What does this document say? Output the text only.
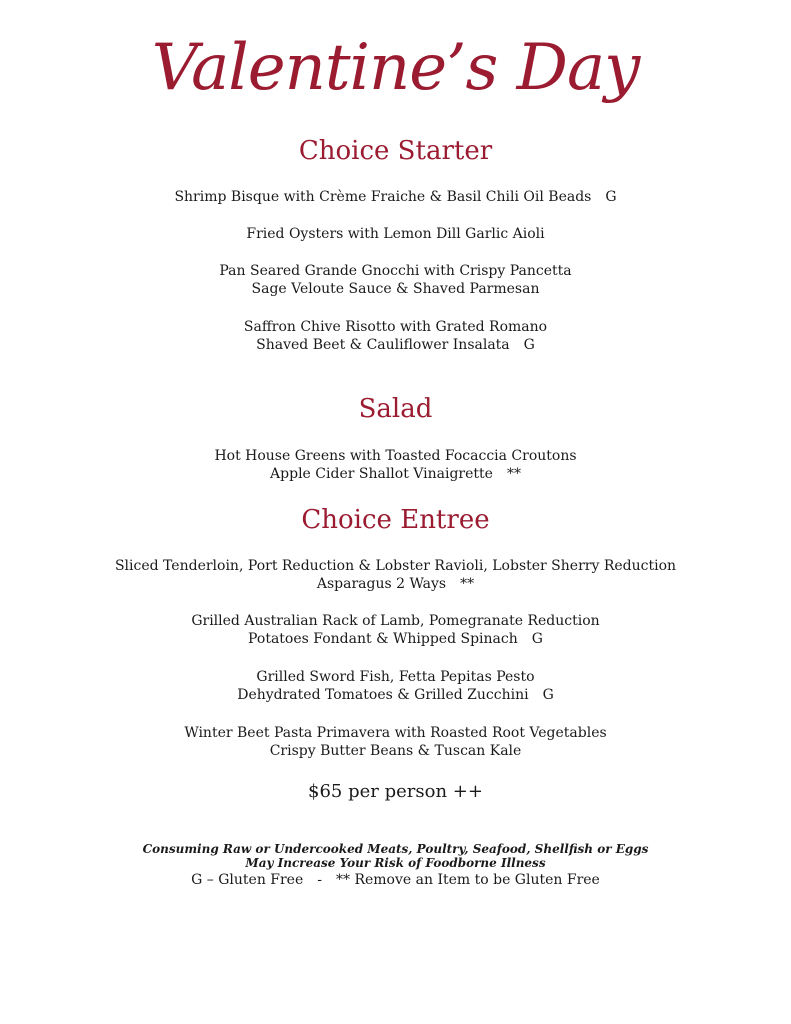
Valentine’s Day
Choice Starter
Shrimp Bisque with Crème Fraiche & Basil Chili Oil Beads G
Fried Oysters with Lemon Dill Garlic Aioli
Pan Seared Grande Gnocchi with Crispy Pancetta
Sage Veloute Sauce & Shaved Parmesan
Saffron Chive Risotto with Grated Romano
Shaved Beet & Cauliflower Insalata G
Salad
Hot House Greens with Toasted Focaccia Croutons
Apple Cider Shallot Vinaigrette **
Choice Entree
Sliced Tenderloin, Port Reduction & Lobster Ravioli, Lobster Sherry Reduction
Asparagus 2 Ways **
Grilled Australian Rack of Lamb, Pomegranate Reduction
Potatoes Fondant & Whipped Spinach G
Grilled Sword Fish, Fetta Pepitas Pesto
Dehydrated Tomatoes & Grilled Zucchini G
Winter Beet Pasta Primavera with Roasted Root Vegetables
Crispy Butter Beans & Tuscan Kale
$65 per person ++
Consuming Raw or Undercooked Meats, Poultry, Seafood, Shellfish or Eggs
May Increase Your Risk of Foodborne Illness
G – Gluten Free - ** Remove an Item to be Gluten Free
